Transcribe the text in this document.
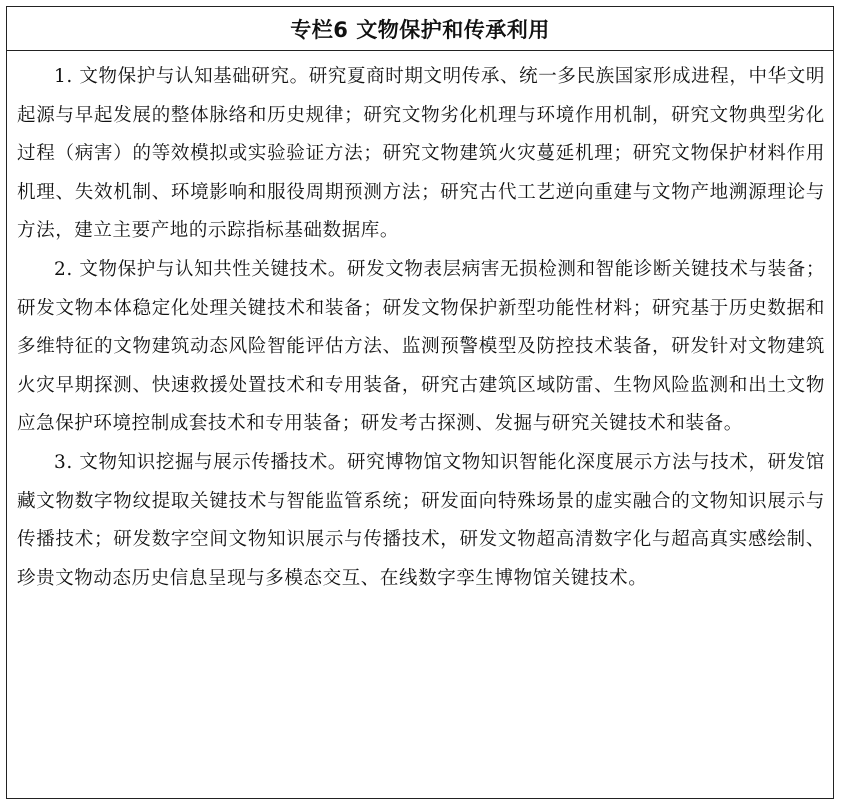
专栏6 文物保护和传承利用

1. 文物保护与认知基础研究。研究夏商时期文明传承、统一多民族国家形成进程，中华文明起源与早起发展的整体脉络和历史规律；研究文物劣化机理与环境作用机制，研究文物典型劣化过程（病害）的等效模拟或实验验证方法；研究文物建筑火灾蔓延机理；研究文物保护材料作用机理、失效机制、环境影响和服役周期预测方法；研究古代工艺逆向重建与文物产地溯源理论与方法，建立主要产地的示踪指标基础数据库。

2. 文物保护与认知共性关键技术。研发文物表层病害无损检测和智能诊断关键技术与装备；研发文物本体稳定化处理关键技术和装备；研发文物保护新型功能性材料；研究基于历史数据和多维特征的文物建筑动态风险智能评估方法、监测预警模型及防控技术装备，研发针对文物建筑火灾早期探测、快速救援处置技术和专用装备，研究古建筑区域防雷、生物风险监测和出土文物应急保护环境控制成套技术和专用装备；研发考古探测、发掘与研究关键技术和装备。

3. 文物知识挖掘与展示传播技术。研究博物馆文物知识智能化深度展示方法与技术，研发馆藏文物数字物纹提取关键技术与智能监管系统；研发面向特殊场景的虚实融合的文物知识展示与传播技术；研发数字空间文物知识展示与传播技术，研发文物超高清数字化与超高真实感绘制、珍贵文物动态历史信息呈现与多模态交互、在线数字孪生博物馆关键技术。
